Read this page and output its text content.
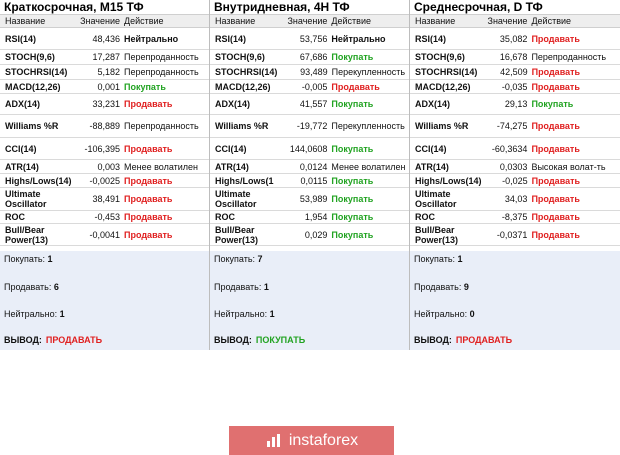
Краткосрочная, M15 ТФ
Название	Значение Действие
RSI(14)	48,436 Нейтрально
STOCH(9,6)	17,287 Перепроданность
STOCHRSI(14)	5,182 Перепроданность
MACD(12,26)	0,001 Покупать
ADX(14)	33,231 Продавать
Williams %R	-88,889 Перепроданность
CCI(14)	-106,395 Продавать
ATR(14)	0,003 Менее волатилен
Highs/Lows(14)	-0,0025 Продавать
Ultimate Oscillator	38,491 Продавать
ROC	-0,453 Продавать
Bull/Bear Power(13)	-0,0041 Продавать
Покупать: 1
Продавать: 6
Нейтрально: 1
ВЫВОД: ПРОДАВАТЬ
Внутридневная, 4H ТФ
Название	Значение Действие
RSI(14)	53,756 Нейтрально
STOCH(9,6)	67,686 Покупать
STOCHRSI(14)	93,489 Перекупленность
MACD(12,26)	-0,005 Продавать
ADX(14)	41,557 Покупать
Williams %R	-19,772 Перекупленность
CCI(14)	144,0608 Покупать
ATR(14)	0,0124 Менее волатилен
Highs/Lows(1	0,0115 Покупать
Ultimate Oscillator	53,989 Покупать
ROC	1,954 Покупать
Bull/Bear Power(13)	0,029 Покупать
Покупать: 7
Продавать: 1
Нейтрально: 1
ВЫВОД: ПОКУПАТЬ
Среднесрочная, D ТФ
Название	Значение Действие
RSI(14)	35,082 Продавать
STOCH(9,6)	16,678 Перепроданность
STOCHRSI(14)	42,509 Продавать
MACD(12,26)	-0,035 Продавать
ADX(14)	29,13 Покупать
Williams %R	-74,275 Продавать
CCI(14)	-60,3634 Продавать
ATR(14)	0,0303 Высокая волат-ть
Highs/Lows(14)	-0,025 Продавать
Ultimate Oscillator	34,03 Продавать
ROC	-8,375 Продавать
Bull/Bear Power(13)	-0,0371 Продавать
Покупать: 1
Продавать: 9
Нейтрально: 0
ВЫВОД: ПРОДАВАТЬ
instaforex
